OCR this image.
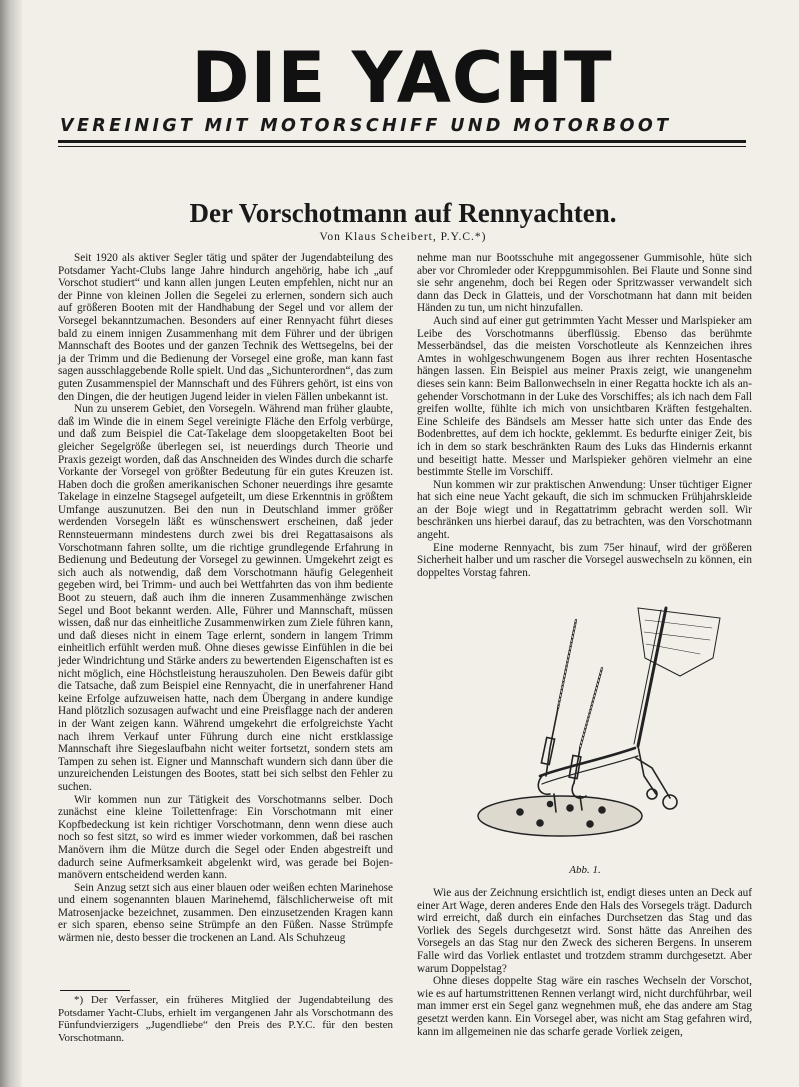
DIE YACHT
VEREINIGT MIT MOTORSCHIFF UND MOTORBOOT
Der Vorschotmann auf Rennyachten.
Von Klaus Scheibert, P.Y.C.*)

Seit 1920 als aktiver Segler tätig und später der Jugendabteilung des Potsdamer Yacht-Clubs lange Jahre hindurch angehörig, habe ich „auf Vorschot studiert“ und kann allen jungen Leuten empfehlen, nicht nur an der Pinne von kleinen Jollen die Segelei zu erlernen, sondern sich auch auf größeren Booten mit der Handhabung der Segel und vor allem der Vorsegel bekanntzumachen. Besonders auf einer Rennyacht führt dieses bald zu einem innigen Zusammenhang mit dem Führer und der übrigen Mannschaft des Bootes und der ganzen Technik des Wettsegelns, bei der ja der Trimm und die Bedienung der Vorsegel eine große, man kann fast sagen ausschlaggebende Rolle spielt. Und das „Sichunterordnen“, das zum guten Zusammenspiel der Mannschaft und des Führers gehört, ist eins von den Dingen, die der heutigen Jugend leider in vielen Fällen unbekannt ist.

Nun zu unserem Gebiet, den Vorsegeln. Während man früher glaubte, daß im Winde die in einem Segel vereinigte Fläche den Erfolg verbürge, und daß zum Beispiel die Cat-Takelage dem sloopgetakelten Boot bei gleicher Segelgröße überlegen sei, ist neuerdings durch Theorie und Praxis gezeigt worden, daß das Anschneiden des Windes durch die scharfe Vorkante der Vorsegel von größter Bedeutung für ein gutes Kreuzen ist. Haben doch die großen amerikanischen Schoner neuerdings ihre gesamte Takelage in einzelne Stagsegel aufgeteilt, um diese Erkenntnis in größtem Umfange auszunutzen. Bei den nun in Deutschland immer größer werdenden Vorsegeln läßt es wünschenswert erscheinen, daß jeder Rennsteuermann mindestens durch zwei bis drei Regattasaisons als Vorschotmann fahren sollte, um die richtige grundlegende Erfahrung in Bedienung und Bedeutung der Vorsegel zu gewinnen. Umgekehrt zeigt es sich auch als notwendig, daß dem Vorschotmann häufig Gelegenheit gegeben wird, bei Trimm- und auch bei Wettfahrten das von ihm bediente Boot zu steuern, daß auch ihm die inneren Zusammenhänge zwischen Segel und Boot bekannt werden. Alle, Führer und Mannschaft, müssen wissen, daß nur das einheitliche Zusammenwirken zum Ziele führen kann, und daß dieses nicht in einem Tage erlernt, sondern in langem Trimm einheitlich erfühlt werden muß. Ohne dieses gewisse Einfühlen in die bei jeder Windrichtung und Stärke anders zu bewertenden Eigenschaften ist es nicht möglich, eine Höchstleistung herauszuholen. Den Beweis dafür gibt die Tatsache, daß zum Beispiel eine Rennyacht, die in unerfahrener Hand keine Erfolge aufzuweisen hatte, nach dem Übergang in andere kundige Hand plötzlich sozusagen aufwacht und eine Preisflagge nach der anderen in der Want zeigen kann. Während umgekehrt die erfolgreichste Yacht nach ihrem Verkauf unter Führung durch eine nicht erstklassige Mannschaft ihre Siegeslaufbahn nicht weiter fortsetzt, sondern stets am Tampen zu sehen ist. Eigner und Mannschaft wundern sich dann über die unzureichenden Leistungen des Bootes, statt bei sich selbst den Fehler zu suchen.

Wir kommen nun zur Tätigkeit des Vorschotmanns selber. Doch zunächst eine kleine Toilettenfrage: Ein Vorschotmann mit einer Kopfbedeckung ist kein richtiger Vorschotmann, denn wenn diese auch noch so fest sitzt, so wird es immer wieder vorkommen, daß bei raschen Manövern ihm die Mütze durch die Segel oder Enden abgestreift und dadurch seine Aufmerksamkeit abgelenkt wird, was gerade bei Bojenmanövern entscheidend werden kann.

Sein Anzug setzt sich aus einer blauen oder weißen echten Marinehose und einem sogenannten blauen Marinehemd, fälschlicherweise oft mit Matrosenjacke bezeichnet, zusammen. Den einzusetzenden Kragen kann er sich sparen, ebenso seine Strümpfe an den Füßen. Nasse Strümpfe wärmen nie, desto besser die trockenen an Land. Als Schuhzeug

nehme man nur Bootsschuhe mit angegossener Gummisohle, hüte sich aber vor Chromleder oder Kreppgummisohlen. Bei Flaute und Sonne sind sie sehr angenehm, doch bei Regen oder Spritzwasser verwandelt sich dann das Deck in Glatteis, und der Vorschotmann hat dann mit beiden Händen zu tun, um nicht hinzufallen.

Auch sind auf einer gut getrimmten Yacht Messer und Marlspieker am Leibe des Vorschotmanns überflüssig. Ebenso das berühmte Messerbändsel, das die meisten Vorschotleute als Kennzeichen ihres Amtes in wohlgeschwungenem Bogen aus ihrer rechten Hosentasche hängen lassen. Ein Beispiel aus meiner Praxis zeigt, wie unangenehm dieses sein kann: Beim Ballonwechseln in einer Regatta hockte ich als angehender Vorschotmann in der Luke des Vorschiffes; als ich nach dem Fall greifen wollte, fühlte ich mich von unsichtbaren Kräften festgehalten. Eine Schleife des Bändsels am Messer hatte sich unter das Ende des Bodenbrettes, auf dem ich hockte, geklemmt. Es bedurfte einiger Zeit, bis ich in dem so stark beschränkten Raum des Luks das Hindernis erkannt und beseitigt hatte. Messer und Marlspieker gehören vielmehr an eine bestimmte Stelle im Vorschiff.

Nun kommen wir zur praktischen Anwendung: Unser tüchtiger Eigner hat sich eine neue Yacht gekauft, die sich im schmucken Frühjahrskleide an der Boje wiegt und in Regattatrimm gebracht werden soll. Wir beschränken uns hierbei darauf, das zu betrachten, was den Vorschotmann angeht.

Eine moderne Rennyacht, bis zum 75er hinauf, wird der größeren Sicherheit halber und um rascher die Vorsegel auswechseln zu können, ein doppeltes Vorstag fahren.

Abb. 1.

Wie aus der Zeichnung ersichtlich ist, endigt dieses unten an Deck auf einer Art Wage, deren anderes Ende den Hals des Vorsegels trägt. Dadurch wird erreicht, daß durch ein einfaches Durchsetzen das Stag und das Vorliek des Segels durchgesetzt wird. Sonst hätte das Anreihen des Vorsegels an das Stag nur den Zweck des sicheren Bergens. In unserem Falle wird das Vorliek entlastet und trotzdem stramm durchgesetzt. Aber warum Doppelstag?

Ohne dieses doppelte Stag wäre ein rasches Wechseln der Vorschot, wie es auf hartumstrittenen Rennen verlangt wird, nicht durchführbar, weil man immer erst ein Segel ganz wegnehmen muß, ehe das andere am Stag gesetzt werden kann. Ein Vorsegel aber, was nicht am Stag gefahren wird, kann im allgemeinen nie das scharfe gerade Vorliek zeigen,

*) Der Verfasser, ein früheres Mitglied der Jugendabteilung des Potsdamer Yacht-Clubs, erhielt im vergangenen Jahr als Vorschotmann des Fünfundvierzigers „Jugendliebe“ den Preis des P.Y.C. für den besten Vorschotmann.
